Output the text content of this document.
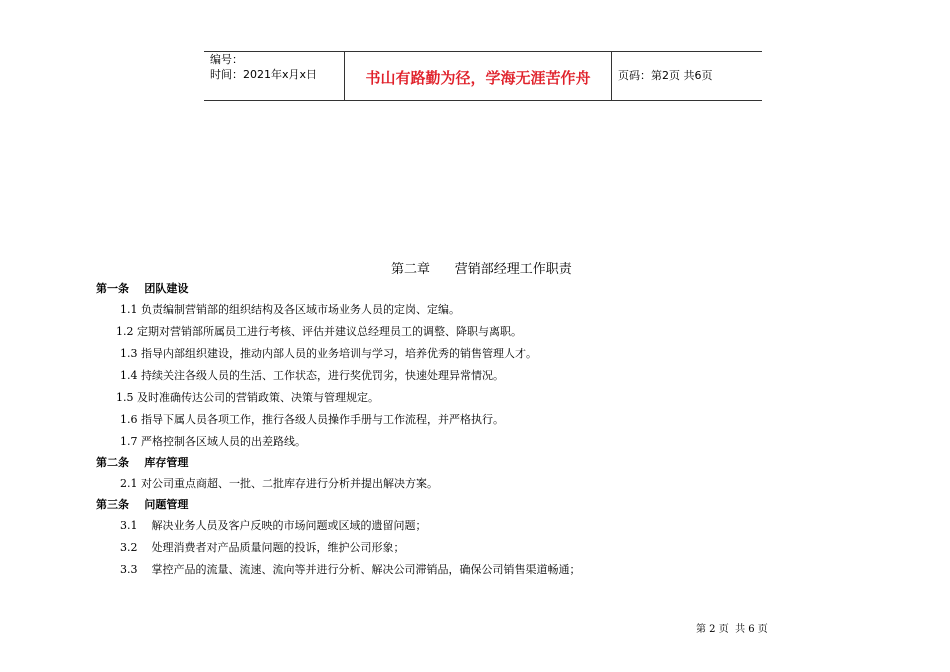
编号：
时间：2021年x月x日	书山有路勤为径，学海无涯苦作舟	页码：第2页 共6页
第二章      营销部经理工作职责
第一条    团队建设
1.1 负责编制营销部的组织结构及各区域市场业务人员的定岗、定编。
1.2 定期对营销部所属员工进行考核、评估并建议总经理员工的调整、降职与离职。
1.3 指导内部组织建设，推动内部人员的业务培训与学习，培养优秀的销售管理人才。
1.4 持续关注各级人员的生活、工作状态，进行奖优罚劣，快速处理异常情况。
1.5 及时准确传达公司的营销政策、决策与管理规定。
1.6 指导下属人员各项工作，推行各级人员操作手册与工作流程，并严格执行。
1.7 严格控制各区域人员的出差路线。
第二条    库存管理
2.1 对公司重点商超、一批、二批库存进行分析并提出解决方案。
第三条    问题管理
3.1    解决业务人员及客户反映的市场问题或区域的遗留问题；
3.2    处理消费者对产品质量问题的投诉，维护公司形象；
3.3    掌控产品的流量、流速、流向等并进行分析、解决公司滞销品，确保公司销售渠道畅通；
第 2 页  共 6 页
